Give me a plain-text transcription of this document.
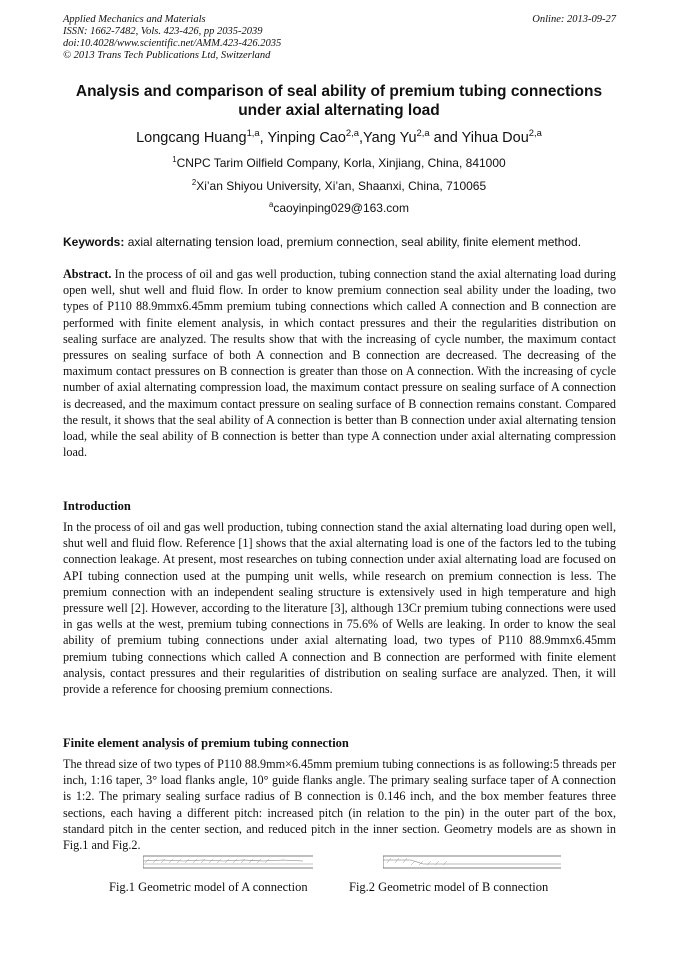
Applied Mechanics and Materials
ISSN: 1662-7482, Vols. 423-426, pp 2035-2039
doi:10.4028/www.scientific.net/AMM.423-426.2035
© 2013 Trans Tech Publications Ltd, Switzerland
Online: 2013-09-27
Analysis and comparison of seal ability of premium tubing connections
under axial alternating load
Longcang Huang$^{1,a}$, Yinping Cao$^{2,a}$,Yang Yu$^{2,a}$ and Yihua Dou$^{2,a}$
$^1$CNPC Tarim Oilfield Company, Korla, Xinjiang, China, 841000
$^2$Xi’an Shiyou University, Xi’an, Shaanxi, China, 710065
$^a$caoyinping029@163.com
Keywords: axial alternating tension load, premium connection, seal ability, finite element method.

Abstract. In the process of oil and gas well production, tubing connection stand the axial alternating load during open well, shut well and fluid flow. In order to know premium connection seal ability under the loading, two types of P110 88.9mmx6.45mm premium tubing connections which called A connection and B connection are performed with finite element analysis, in which contact pressures and their the regularities distribution on sealing surface are analyzed. The results show that with the increasing of cycle number, the maximum contact pressures on sealing surface of both A connection and B connection are decreased. The decreasing of the maximum contact pressures on B connection is greater than those on A connection. With the increasing of cycle number of axial alternating compression load, the maximum contact pressure on sealing surface of A connection is decreased, and the maximum contact pressure on sealing surface of B connection remains constant. Compared the result, it shows that the seal ability of A connection is better than B connection under axial alternating tension load, while the seal ability of B connection is better than type A connection under axial alternating compression load.

Introduction

In the process of oil and gas well production, tubing connection stand the axial alternating load during open well, shut well and fluid flow. Reference [1] shows that the axial alternating load is one of the factors led to the tubing connection leakage. At present, most researches on tubing connection under axial alternating load are focused on API tubing connection used at the pumping unit wells, while research on premium connection is less. The premium connection with an independent sealing structure is extensively used in high temperature and high pressure well [2]. However, according to the literature [3], although 13Cr premium tubing connections were used in gas wells at the west, premium tubing connections in 75.6% of Wells are leaking. In order to know the seal ability of premium tubing connections under axial alternating load, two types of P110 88.9mmx6.45mm premium tubing connections which called A connection and B connection are performed with finite element analysis, contact pressures and their regularities of distribution on sealing surface are analyzed. Then, it will provide a reference for choosing premium connections.

Finite element analysis of premium tubing connection

The thread size of two types of P110 88.9mm×6.45mm premium tubing connections is as following:5 threads per inch, 1:16 taper, 3° load flanks angle, 10° guide flanks angle. The primary sealing surface taper of A connection is 1:2. The primary sealing surface radius of B connection is 0.146 inch, and the box member features three sections, each having a different pitch: increased pitch (in relation to the pin) in the outer part of the box, standard pitch in the center section, and reduced pitch in the inner section. Geometry models are as shown in Fig.1 and Fig.2.

Fig.1 Geometric model of A connection	Fig.2 Geometric model of B connection
